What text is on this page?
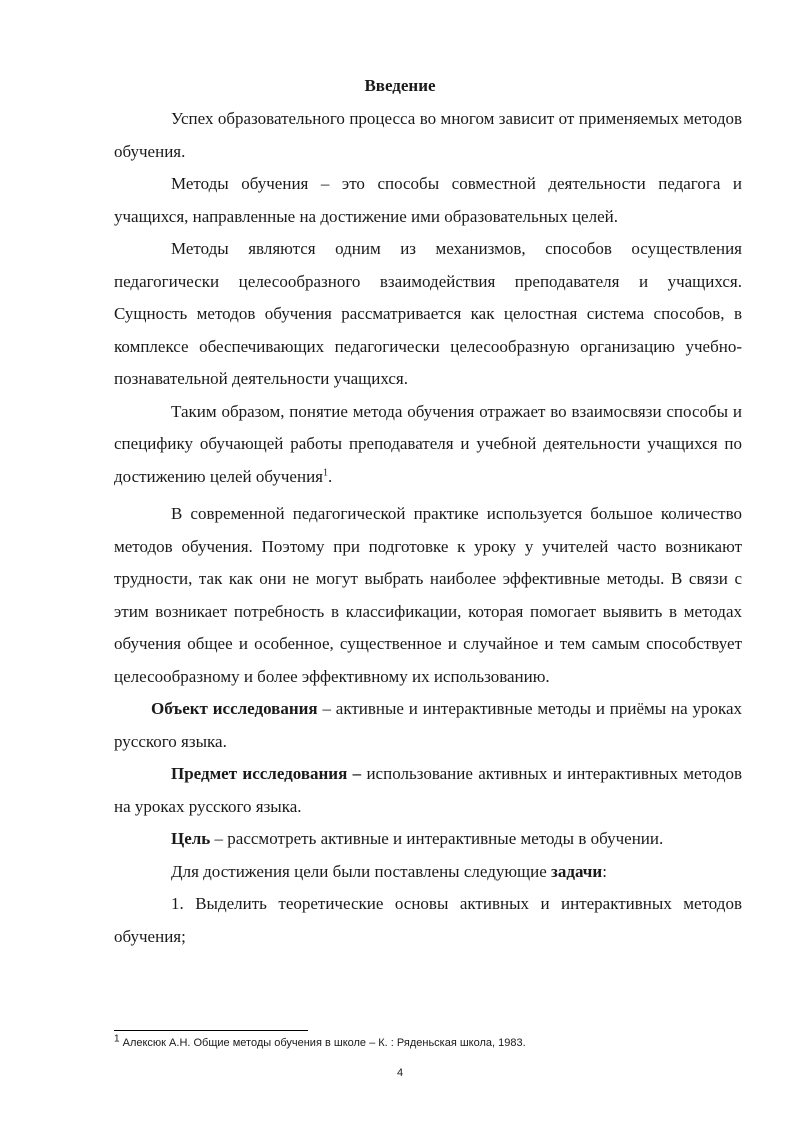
Введение

Успех образовательного процесса во многом зависит от применяемых методов обучения.

Методы обучения – это способы совместной деятельности педагога и учащихся, направленные на достижение ими образовательных целей.

Методы являются одним из механизмов, способов осуществления педагогически целесообразного взаимодействия преподавателя и учащихся. Сущность методов обучения рассматривается как целостная система способов, в комплексе обеспечивающих педагогически целесообразную организацию учебно-познавательной деятельности учащихся.

Таким образом, понятие метода обучения отражает во взаимосвязи способы и специфику обучающей работы преподавателя и учебной деятельности учащихся по достижению целей обучения$^1$.

В современной педагогической практике используется большое количество методов обучения. Поэтому при подготовке к уроку у учителей часто возникают трудности, так как они не могут выбрать наиболее эффективные методы. В связи с этим возникает потребность в классификации, которая помогает выявить в методах обучения общее и особенное, существенное и случайное и тем самым способствует целесообразному и более эффективному их использованию.

Объект исследования – активные и интерактивные методы и приёмы на уроках русского языка.

Предмет исследования – использование активных и интерактивных методов на уроках русского языка.

Цель – рассмотреть активные и интерактивные методы в обучении.

Для достижения цели были поставлены следующие задачи:

1. Выделить теоретические основы активных и интерактивных методов обучения;

$^1$ Алексюк А.Н. Общие методы обучения в школе – К. : Ряденьская школа, 1983.
4
